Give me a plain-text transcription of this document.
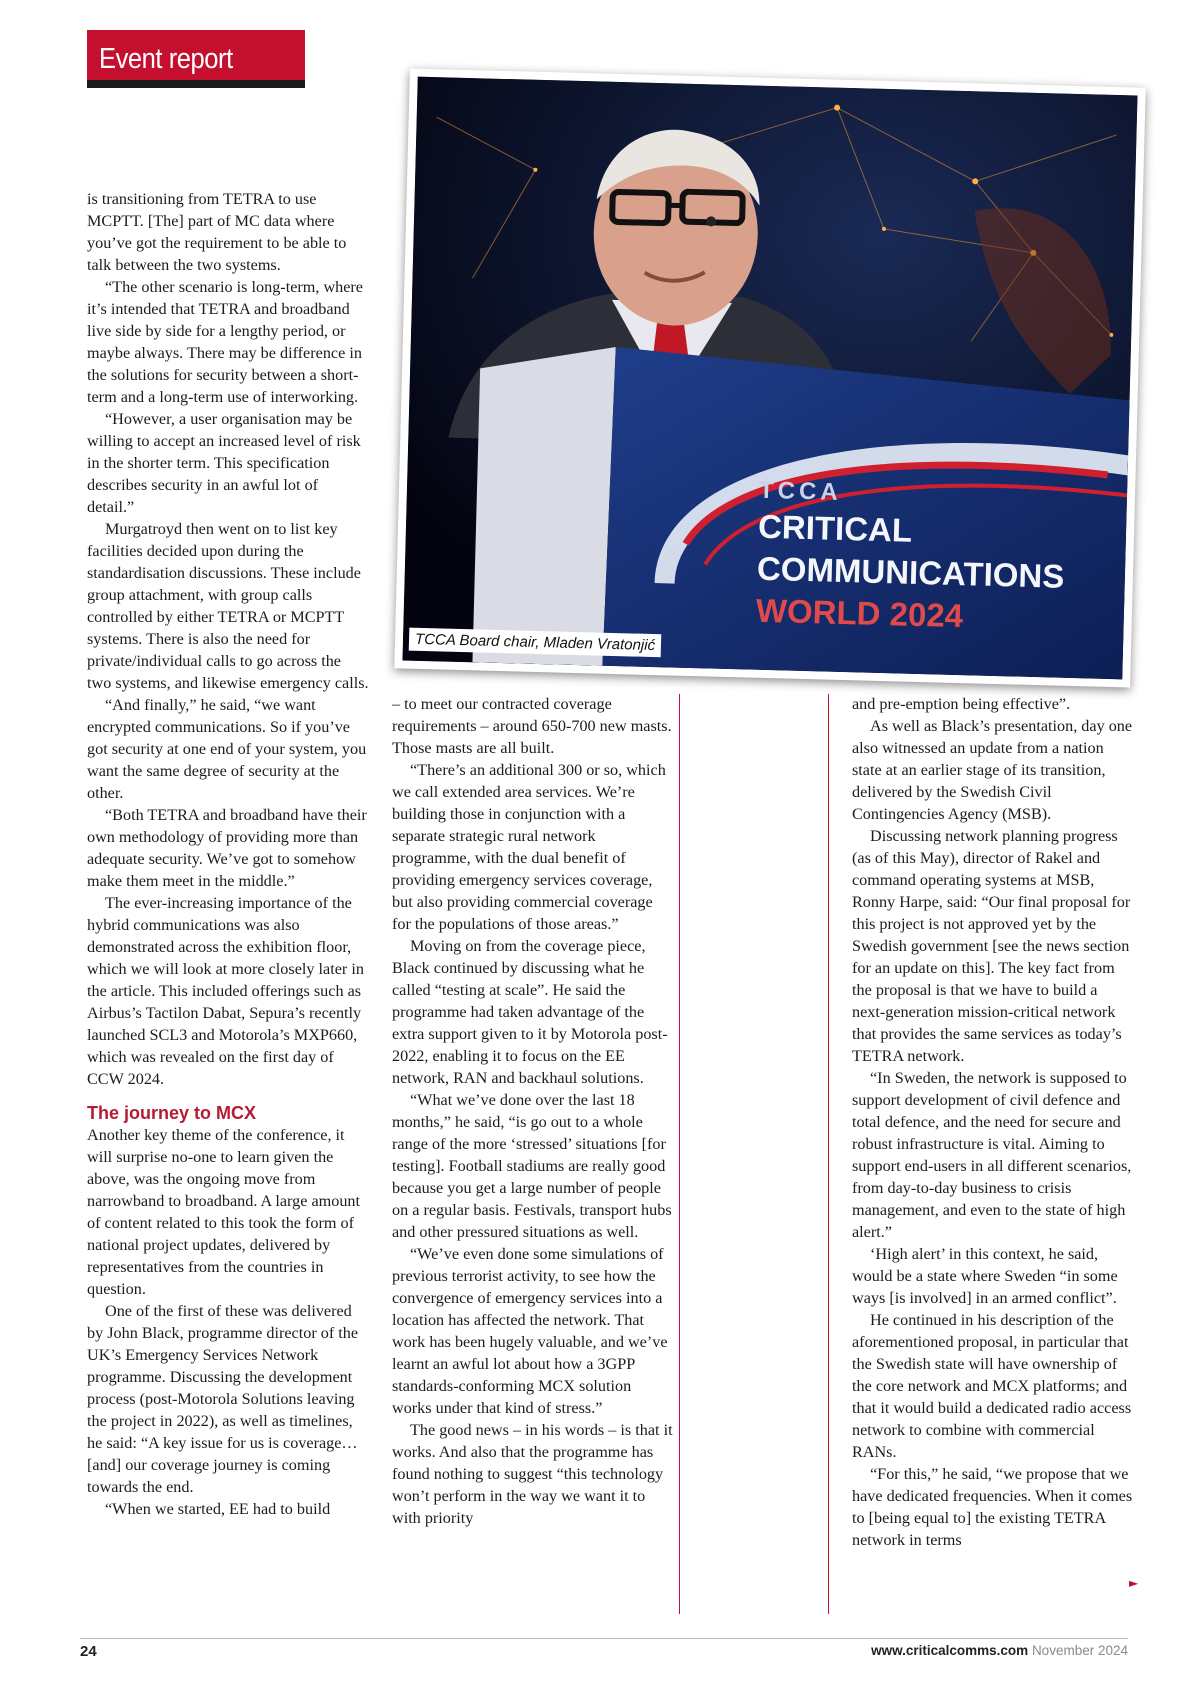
Event report
TCCA
CRITICAL
COMMUNICATIONS
WORLD 2024
TCCA Board chair, Mladen Vratonjić

is transitioning from TETRA to use MCPTT. [The] part of MC data where you’ve got the requirement to be able to talk between the two systems.

“The other scenario is long-term, where it’s intended that TETRA and broadband live side by side for a lengthy period, or maybe always. There may be difference in the solutions for security between a short-term and a long-term use of interworking.

“However, a user organisation may be willing to accept an increased level of risk in the shorter term. This specification describes security in an awful lot of detail.”

Murgatroyd then went on to list key facilities decided upon during the standardisation discussions. These include group attachment, with group calls controlled by either TETRA or MCPTT systems. There is also the need for private/individual calls to go across the two systems, and likewise emergency calls.

“And finally,” he said, “we want encrypted communications. So if you’ve got security at one end of your system, you want the same degree of security at the other.

“Both TETRA and broadband have their own methodology of providing more than adequate security. We’ve got to somehow make them meet in the middle.”

The ever-increasing importance of the hybrid communications was also demonstrated across the exhibition floor, which we will look at more closely later in the article. This included offerings such as Airbus’s Tactilon Dabat, Sepura’s recently launched SCL3 and Motorola’s MXP660, which was revealed on the first day of CCW 2024.

The journey to MCX

Another key theme of the conference, it will surprise no-one to learn given the above, was the ongoing move from narrowband to broadband. A large amount of content related to this took the form of national project updates, delivered by representatives from the countries in question.

One of the first of these was delivered by John Black, programme director of the UK’s Emergency Services Network programme. Discussing the development process (post-Motorola Solutions leaving the project in 2022), as well as timelines, he said: “A key issue for us is coverage… [and] our coverage journey is coming towards the end.

“When we started, EE had to build

– to meet our contracted coverage requirements – around 650-700 new masts. Those masts are all built.

“There’s an additional 300 or so, which we call extended area services. We’re building those in conjunction with a separate strategic rural network programme, with the dual benefit of providing emergency services coverage, but also providing commercial coverage for the populations of those areas.”

Moving on from the coverage piece, Black continued by discussing what he called “testing at scale”. He said the programme had taken advantage of the extra support given to it by Motorola post-2022, enabling it to focus on the EE network, RAN and backhaul solutions.

“What we’ve done over the last 18 months,” he said, “is go out to a whole range of the more ‘stressed’ situations [for testing]. Football stadiums are really good because you get a large number of people on a regular basis. Festivals, transport hubs and other pressured situations as well.

“We’ve even done some simulations of previous terrorist activity, to see how the convergence of emergency services into a location has affected the network. That work has been hugely valuable, and we’ve learnt an awful lot about how a 3GPP standards-conforming MCX solution works under that kind of stress.”

The good news – in his words – is that it works. And also that the programme has found nothing to suggest “this technology won’t perform in the way we want it to with priority

and pre-emption being effective”.

As well as Black’s presentation, day one also witnessed an update from a nation state at an earlier stage of its transition, delivered by the Swedish Civil Contingencies Agency (MSB).

Discussing network planning progress (as of this May), director of Rakel and command operating systems at MSB, Ronny Harpe, said: “Our final proposal for this project is not approved yet by the Swedish government [see the news section for an update on this]. The key fact from the proposal is that we have to build a next-generation mission-critical network that provides the same services as today’s TETRA network.

“In Sweden, the network is supposed to support development of civil defence and total defence, and the need for secure and robust infrastructure is vital. Aiming to support end-users in all different scenarios, from day-to-day business to crisis management, and even to the state of high alert.”

‘High alert’ in this context, he said, would be a state where Sweden “in some ways [is involved] in an armed conflict”.

He continued in his description of the aforementioned proposal, in particular that the Swedish state will have ownership of the core network and MCX platforms; and that it would build a dedicated radio access network to combine with commercial RANs.

“For this,” he said, “we propose that we have dedicated frequencies. When it comes to [being equal to] the existing TETRA network in terms

►
24	www.criticalcomms.com November 2024
